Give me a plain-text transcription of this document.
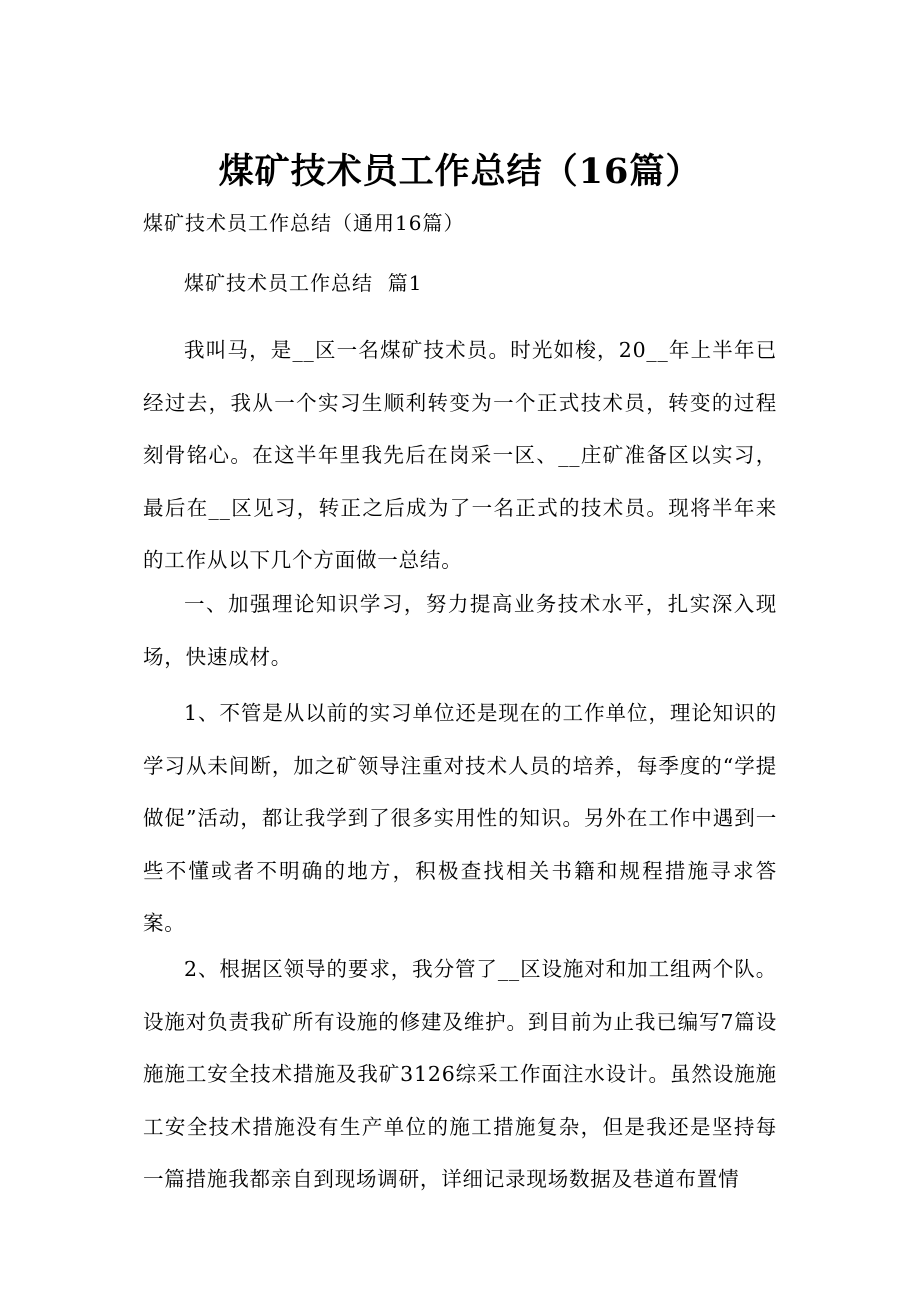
煤矿技术员工作总结（16篇）
煤矿技术员工作总结（通用16篇）
煤矿技术员工作总结  篇1

我叫马，是__区一名煤矿技术员。时光如梭，20__年上半年已经过去，我从一个实习生顺利转变为一个正式技术员，转变的过程刻骨铭心。在这半年里我先后在岗采一区、__庄矿准备区以实习，最后在__区见习，转正之后成为了一名正式的技术员。现将半年来的工作从以下几个方面做一总结。

一、加强理论知识学习，努力提高业务技术水平，扎实深入现场，快速成材。

1、不管是从以前的实习单位还是现在的工作单位，理论知识的学习从未间断，加之矿领导注重对技术人员的培养，每季度的“学提做促”活动，都让我学到了很多实用性的知识。另外在工作中遇到一些不懂或者不明确的地方，积极查找相关书籍和规程措施寻求答案。

2、根据区领导的要求，我分管了__区设施对和加工组两个队。设施对负责我矿所有设施的修建及维护。到目前为止我已编写7篇设施施工安全技术措施及我矿3126综采工作面注水设计。虽然设施施工安全技术措施没有生产单位的施工措施复杂，但是我还是坚持每一篇措施我都亲自到现场调研，详细记录现场数据及巷道布置情
